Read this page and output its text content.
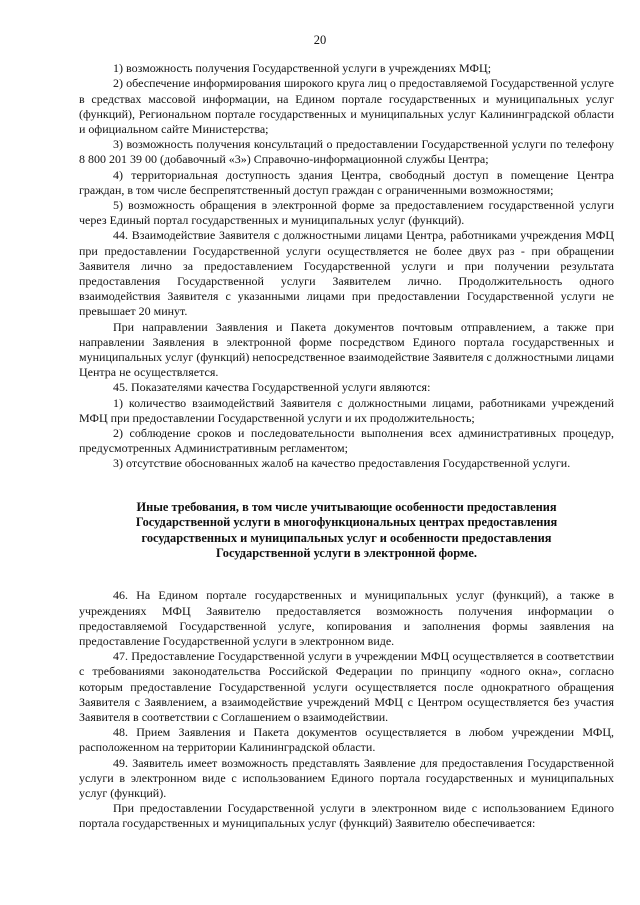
20

1) возможность получения Государственной услуги в учреждениях МФЦ;

2) обеспечение информирования широкого круга лиц о предоставляемой Государственной услуге в средствах массовой информации, на Едином портале государственных и муниципальных услуг (функций), Региональном портале государственных и муниципальных услуг Калининградской области и официальном сайте Министерства;

3) возможность получения консультаций о предоставлении Государственной услуги по телефону 8 800 201 39 00 (добавочный «3») Справочно-информационной службы Центра;

4) территориальная доступность здания Центра, свободный доступ в помещение Центра граждан, в том числе беспрепятственный доступ граждан с ограниченными возможностями;

5) возможность обращения в электронной форме за предоставлением государственной услуги через Единый портал государственных и муниципальных услуг (функций).

44. Взаимодействие Заявителя с должностными лицами Центра, работниками учреждения МФЦ при предоставлении Государственной услуги осуществляется не более двух раз - при обращении Заявителя лично за предоставлением Государственной услуги и при получении результата предоставления Государственной услуги Заявителем лично. Продолжительность одного взаимодействия Заявителя с указанными лицами при предоставлении Государственной услуги не превышает 20 минут.

При направлении Заявления и Пакета документов почтовым отправлением, а также при направлении Заявления в электронной форме посредством Единого портала государственных и муниципальных услуг (функций) непосредственное взаимодействие Заявителя с должностными лицами Центра не осуществляется.

45. Показателями качества Государственной услуги являются:

1) количество взаимодействий Заявителя с должностными лицами, работниками учреждений МФЦ при предоставлении Государственной услуги и их продолжительность;

2) соблюдение сроков и последовательности выполнения всех административных процедур, предусмотренных Административным регламентом;

3) отсутствие обоснованных жалоб на качество предоставления Государственной услуги.

Иные требования, в том числе учитывающие особенности предоставления Государственной услуги в многофункциональных центрах предоставления государственных и муниципальных услуг и особенности предоставления Государственной услуги в электронной форме.

46. На Едином портале государственных и муниципальных услуг (функций), а также в учреждениях МФЦ Заявителю предоставляется возможность получения информации о предоставляемой Государственной услуге, копирования и заполнения формы заявления на предоставление Государственной услуги в электронном виде.

47. Предоставление Государственной услуги в учреждении МФЦ осуществляется в соответствии с требованиями законодательства Российской Федерации по принципу «одного окна», согласно которым предоставление Государственной услуги осуществляется после однократного обращения Заявителя с Заявлением, а взаимодействие учреждений МФЦ с Центром осуществляется без участия Заявителя в соответствии с Соглашением о взаимодействии.

48. Прием Заявления и Пакета документов осуществляется в любом учреждении МФЦ, расположенном на территории Калининградской области.

49. Заявитель имеет возможность представлять Заявление для предоставления Государственной услуги в электронном виде с использованием Единого портала государственных и муниципальных услуг (функций).

При предоставлении Государственной услуги в электронном виде с использованием Единого портала государственных и муниципальных услуг (функций) Заявителю обеспечивается:
